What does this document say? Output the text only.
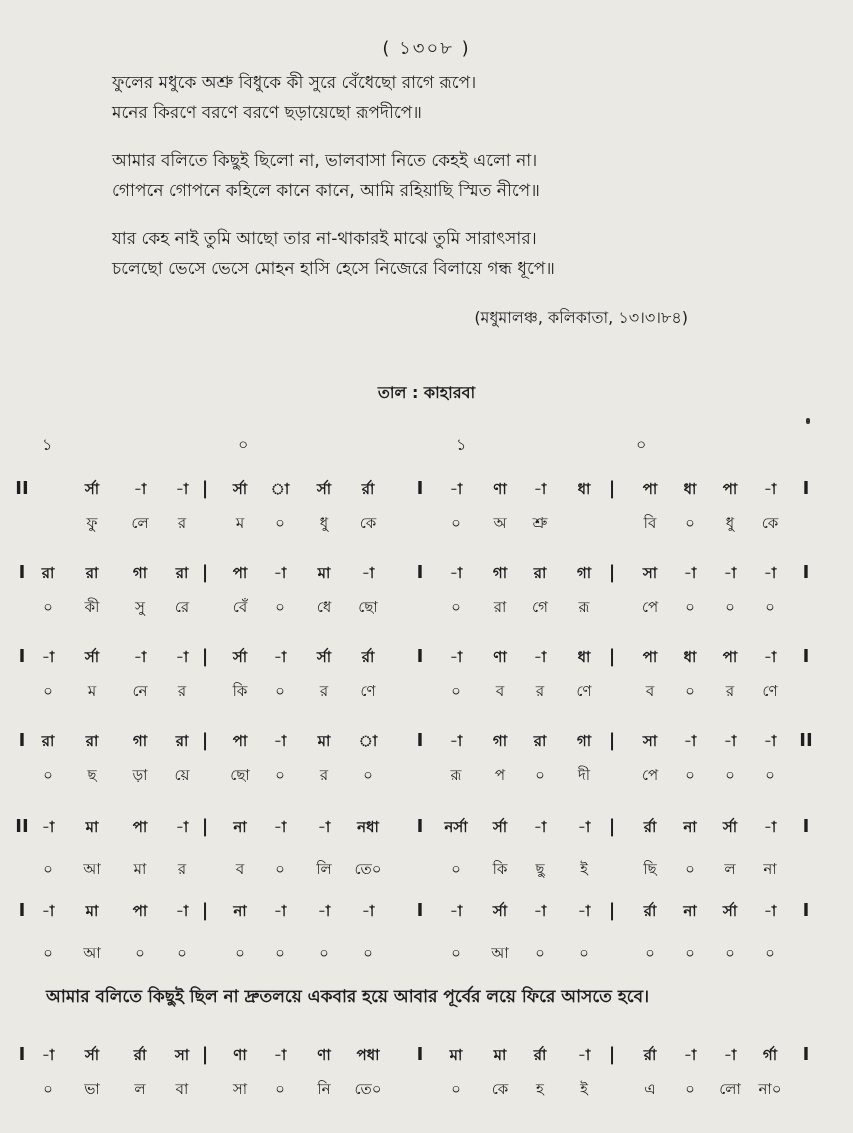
( ১৩০৮ )
ফুলের মধুকে অশ্রু বিধুকে কী সুরে বেঁধেছো রাগে রূপে।
মনের কিরণে বরণে বরণে ছড়ায়েছো রূপদীপে॥
আমার বলিতে কিছুই ছিলো না, ভালবাসা নিতে কেহই এলো না।
গোপনে গোপনে কহিলে কানে কানে, আমি রহিয়াছি স্মিত নীপে॥
যার কেহ নাই তুমি আছো তার না-থাকারই মাঝে তুমি সারাৎসার।
চলেছো ভেসে ভেসে মোহন হাসি হেসে নিজেরে বিলায়ে গন্ধ ধূপে॥
(মধুমালঞ্চ, কলিকাতা, ১৩।৩।৮৪)
তাল : কাহারবা
১	০	১	০
II	|	I	|	I
র্সা -া -া	র্সা া র্সা র্রা	-া ণা -া ধা	পা ধা পা -া
ফু লে র	ম ০ ধু কে	০ অ শ্রু	বি ০ ধু কে
I	|	I	|	I
রা রা গা রা	পা -া মা -া	-া গা রা গা	সা -া -া -া
০ কী সু রে	বেঁ ০ ধে ছো	০ রা গে রূ	পে ০ ০ ০
I	|	I	|	I
-া র্সা -া -া	র্সা -া র্সা র্রা	-া ণা -া ধা	পা ধা পা -া
০ ম নে র	কি ০ র ণে	০ ব র ণে	ব ০ র ণে
I	|	I	|	II
রা রা গা রা	পা -া মা া	-া গা রা গা	সা -া -া -া
০ ছ ড়া য়ে	ছো ০ র ০	রূ প ০ দী	পে ০ ০ ০
II	|	I	|	I
-া মা পা -া	না -া -া নধা	নর্সা র্সা -া -া	র্রা না র্সা -া
০ আ মা র	ব ০ লি তে০	০ কি ছু ই	ছি ০ ল না
I	|	I	|	I
-া মা পা -া	না -া -া -া	-া র্সা -া -া	র্রা না র্সা -া
০ আ ০ ০	০ ০ ০ ০	০ আ ০ ০	০ ০ ০ ০
I	|	I	|	I
-া র্সা র্রা সা	ণা -া ণা পধা	মা মা র্রা -া	র্রা -া -া র্গা
০ ভা ল বা	সা ০ নি তে০	০ কে হ ই	এ ০ লো না০
আমার বলিতে কিছুই ছিল না দ্রুতলয়ে একবার হয়ে আবার পূর্বের লয়ে ফিরে আসতে হবে।
